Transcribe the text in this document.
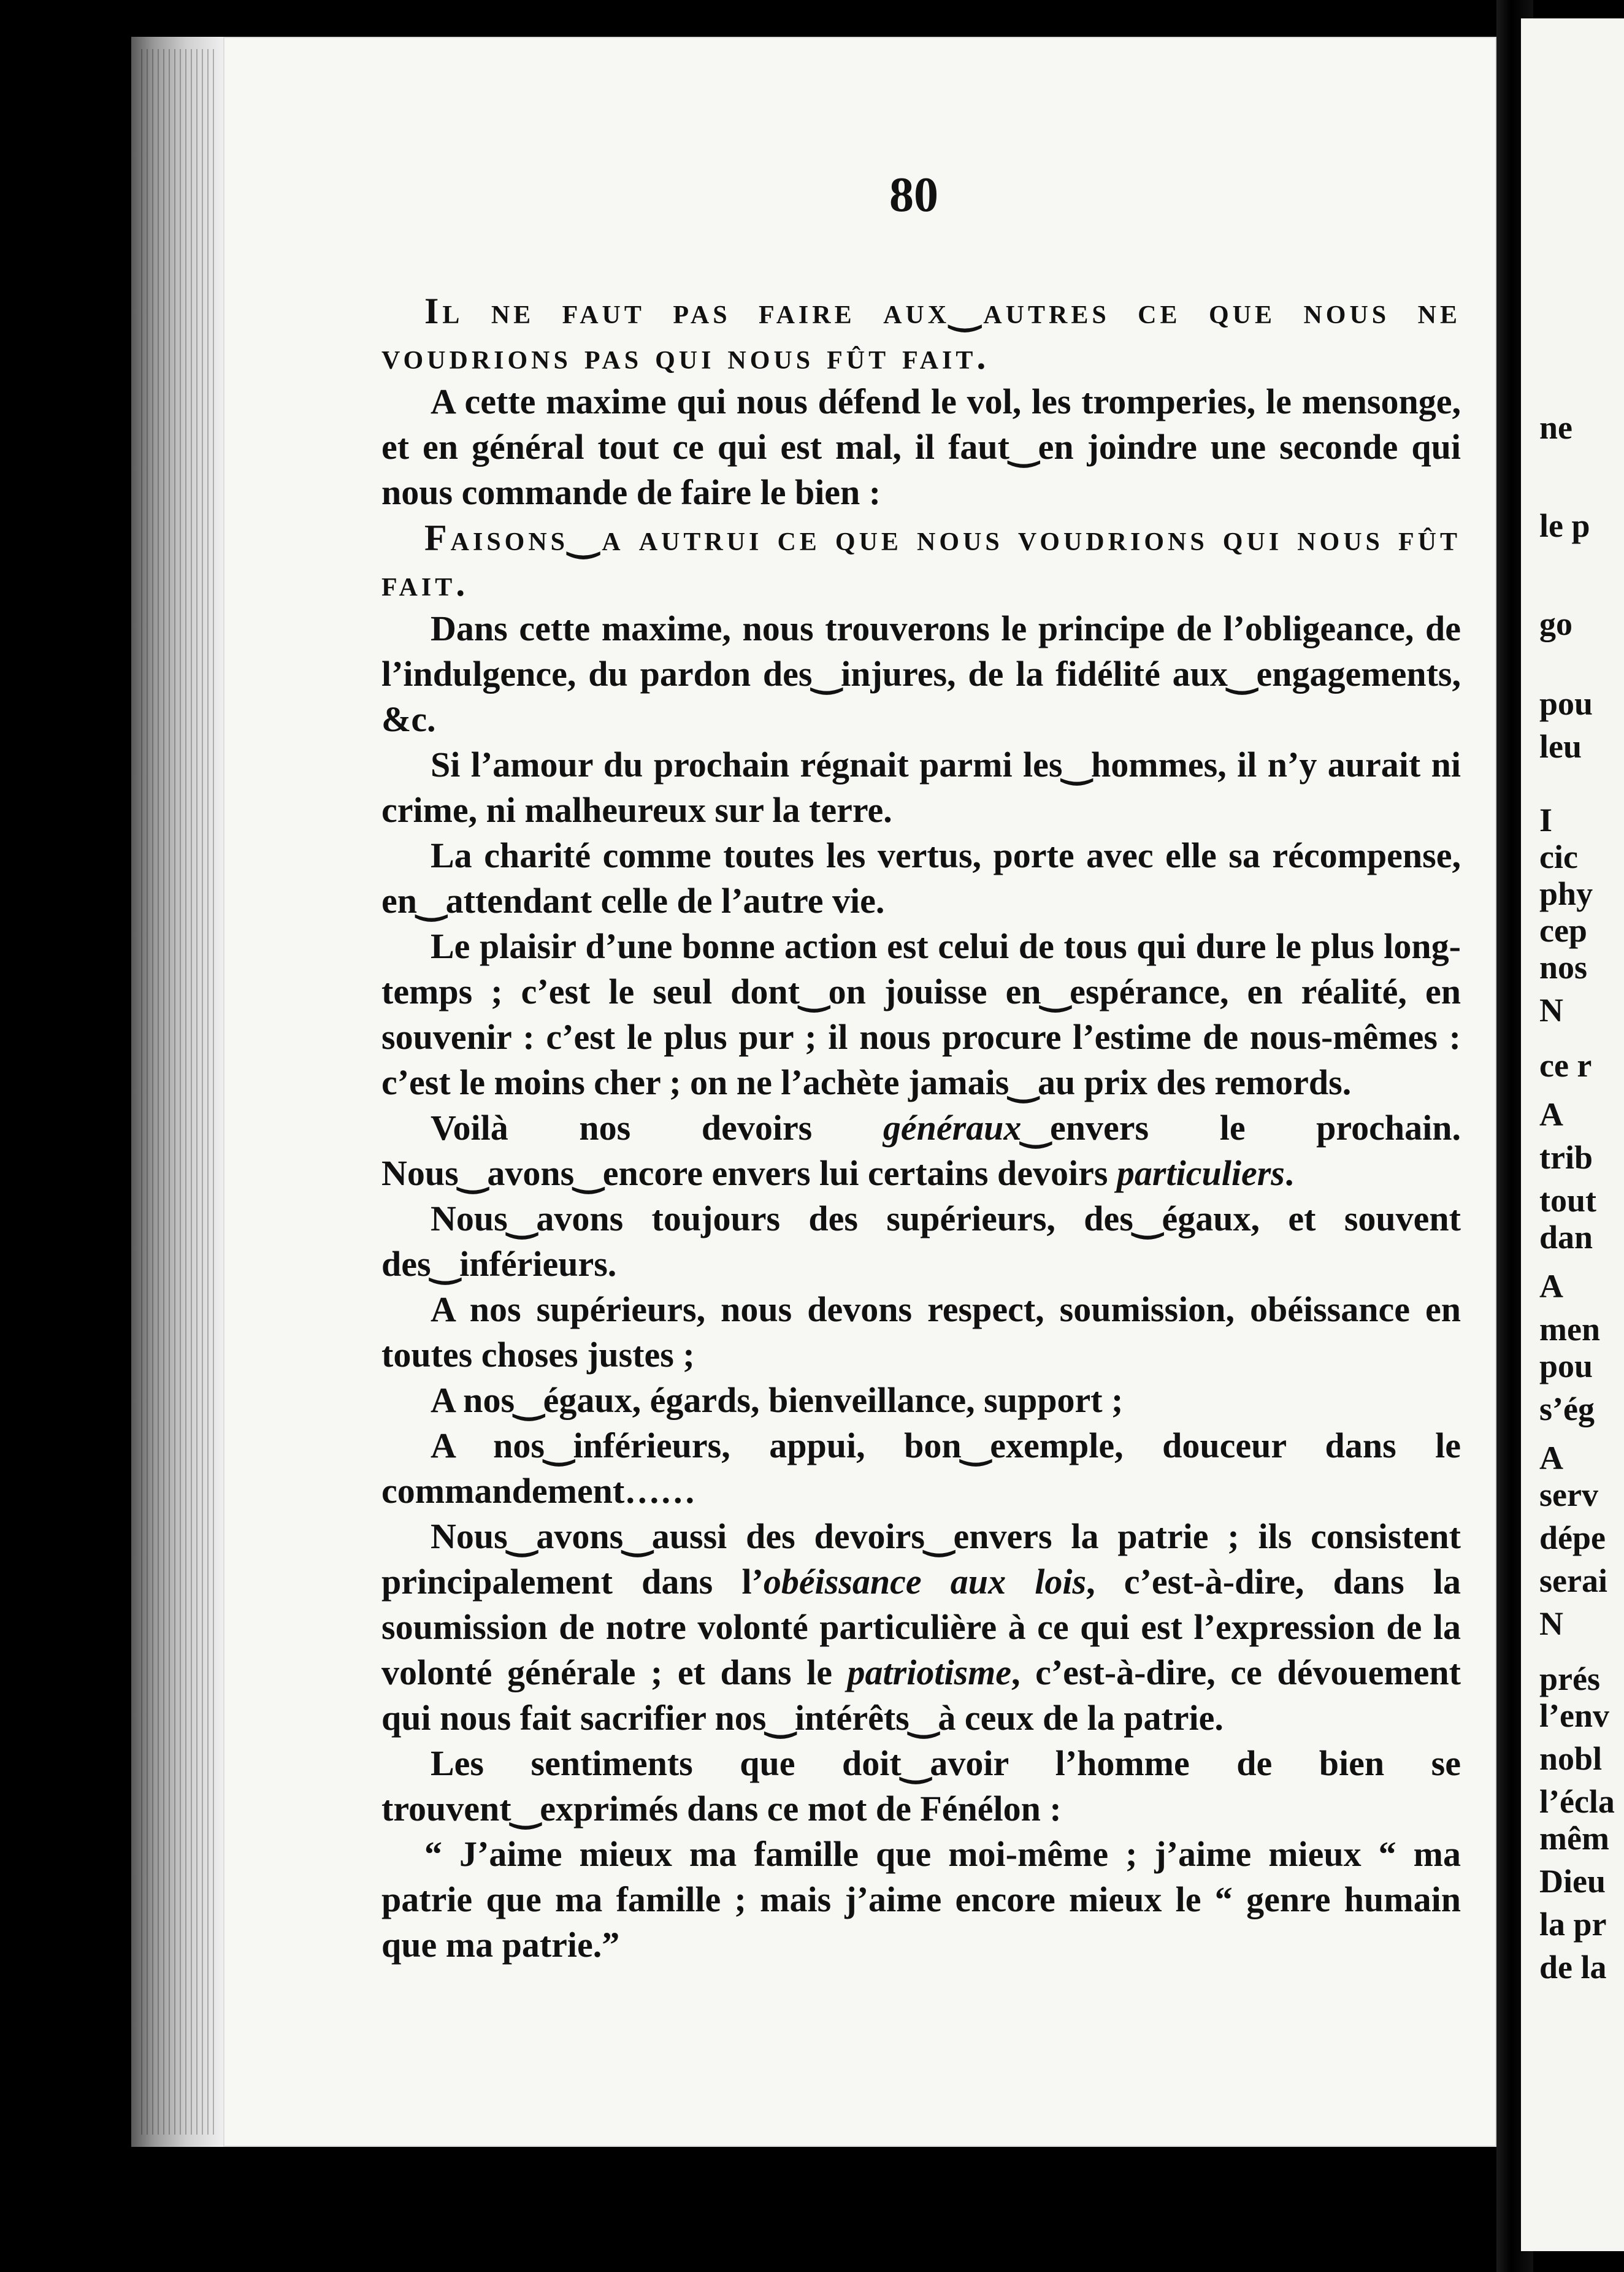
ne
le p
go
pou
leu
I
cic
phy
cep
nos
N
ce r
A
trib
tout
dan
A
men
pou
s’ég
A
serv
dépe
serai
N
prés
l’env
nobl
l’écla
mêm
Dieu
la pr
de la
80

Il ne faut pas faire aux‿autres ce que nous ne voudrions pas qui nous fût fait.

A cette maxime qui nous défend le vol, les tromperies, le mensonge, et en général tout ce qui est mal, il faut‿en joindre une seconde qui nous commande de faire le bien :

Faisons‿a autrui ce que nous voudrions qui nous fût fait.

Dans cette maxime, nous trouverons le principe de l’obligeance, de l’indulgence, du pardon des‿injures, de la fidélité aux‿engagements, &c.

Si l’amour du prochain régnait parmi les‿hommes, il n’y aurait ni crime, ni malheureux sur la terre.

La charité comme toutes les vertus, porte avec elle sa récompense, en‿attendant celle de l’autre vie.

Le plaisir d’une bonne action est celui de tous qui dure le plus long-temps ; c’est le seul dont‿on jouisse en‿espérance, en réalité, en souvenir : c’est le plus pur ; il nous procure l’estime de nous-mêmes : c’est le moins cher ; on ne l’achète jamais‿au prix des remords.

Voilà nos devoirs généraux‿envers le prochain. Nous‿avons‿encore envers lui certains devoirs particuliers.

Nous‿avons toujours des supérieurs, des‿égaux, et souvent des‿inférieurs.

A nos supérieurs, nous devons respect, soumission, obéissance en toutes choses justes ;

A nos‿égaux, égards, bienveillance, support ;

A nos‿inférieurs, appui, bon‿exemple, douceur dans le commandement……

Nous‿avons‿aussi des devoirs‿envers la patrie ; ils consistent principalement dans l’obéissance aux lois, c’est-à-dire, dans la soumission de notre volonté particulière à ce qui est l’expression de la volonté générale ; et dans le patriotisme, c’est-à-dire, ce dévouement qui nous fait sacrifier nos‿intérêts‿à ceux de la patrie.

Les sentiments que doit‿avoir l’homme de bien se trouvent‿exprimés dans ce mot de Fénélon :

“ J’aime mieux ma famille que moi-même ; j’aime mieux “ ma patrie que ma famille ; mais j’aime encore mieux le “ genre humain que ma patrie.”
